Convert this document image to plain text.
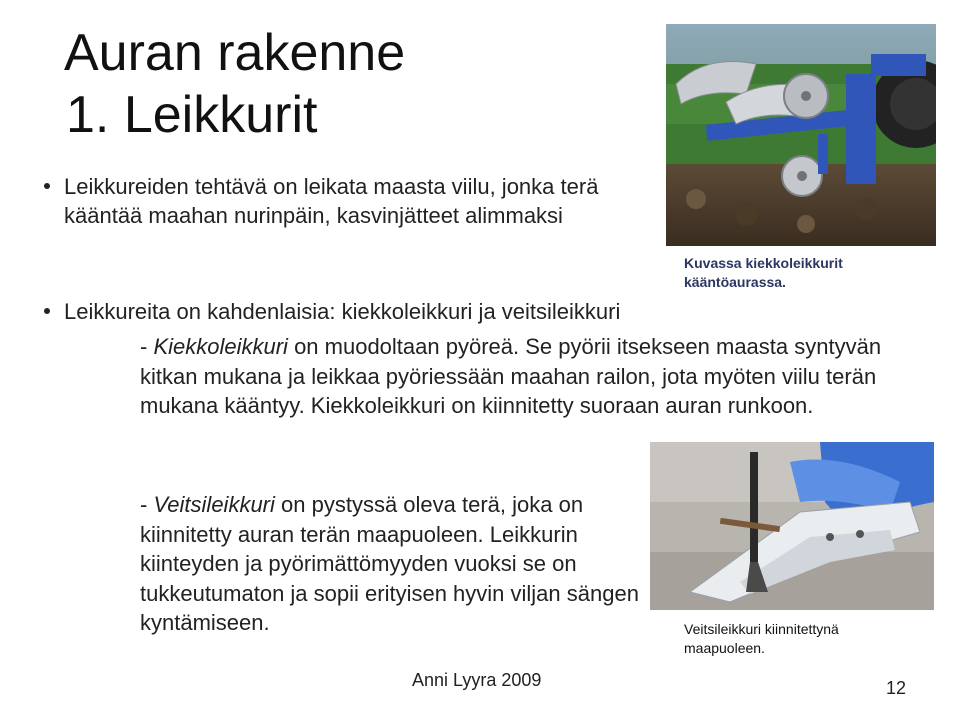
Auran rakenne
1. Leikkurit
Leikkureiden tehtävä on leikata maasta viilu, jonka terä kääntää maahan nurinpäin, kasvinjätteet alimmaksi
Leikkureita on kahdenlaisia: kiekkoleikkuri ja veitsileikkuri
- Kiekkoleikkuri on muodoltaan pyöreä. Se pyörii itsekseen maasta syntyvän kitkan mukana ja leikkaa pyöriessään maahan railon, jota myöten viilu terän mukana kääntyy. Kiekkoleikkuri on kiinnitetty suoraan auran runkoon.
- Veitsileikkuri on pystyssä oleva terä, joka on kiinnitetty auran terän maapuoleen. Leikkurin kiinteyden ja pyörimättömyyden vuoksi se on tukkeutumaton ja sopii erityisen hyvin viljan sängen kyntämiseen.
Kuvassa kiekkoleikkurit kääntöaurassa.
Veitsileikkuri kiinnitettynä maapuoleen.
Anni Lyyra 2009	12
